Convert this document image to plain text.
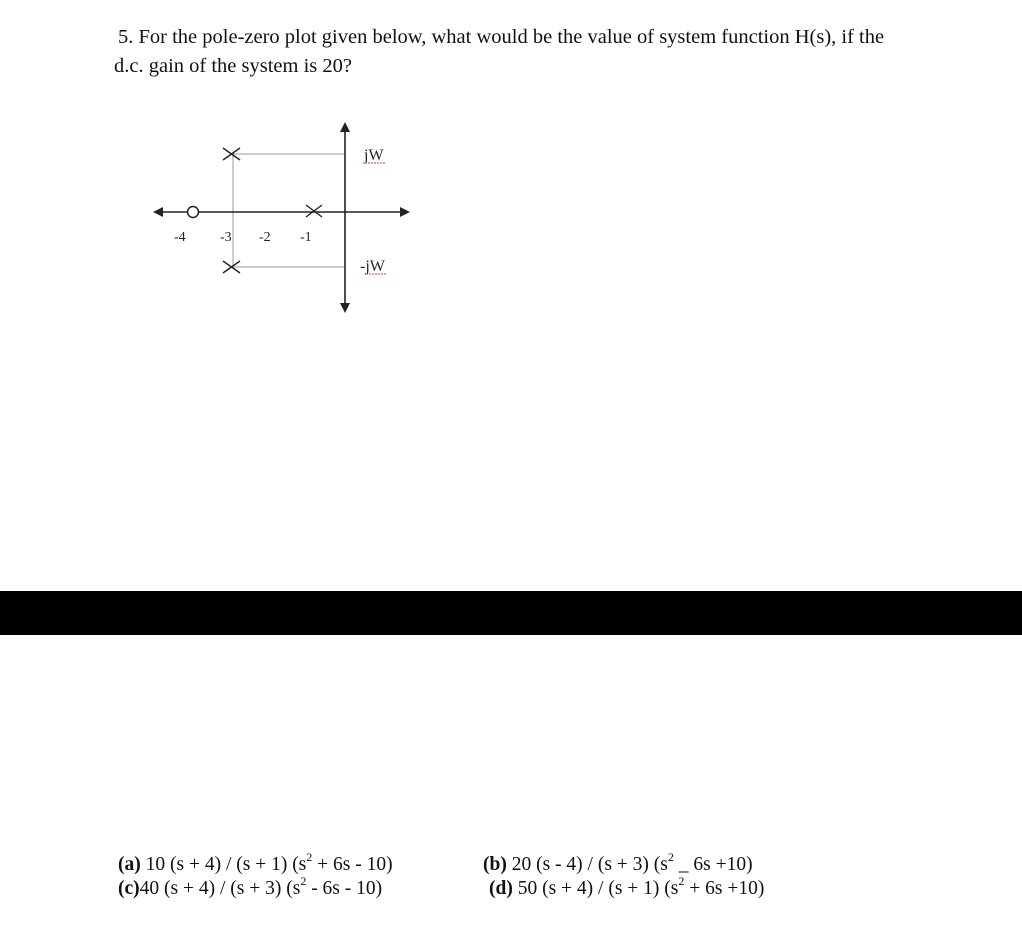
5. For the pole-zero plot given below, what would be the value of system function H(s), if the
d.c. gain of the system is 20?
jW
-jW
-4 -3 -2 -1
(a) 10 (s + 4) / (s + 1) $(s^2 + 6s - 10)$
(c)40 (s + 4) / (s + 3) $(s^2 - 6s - 10)$
(b) 20 (s - 4) / (s + 3) ($s^2$ _ 6s +10)
(d) 50 (s + 4) / (s + 1) $(s^2 + 6s +10)$
